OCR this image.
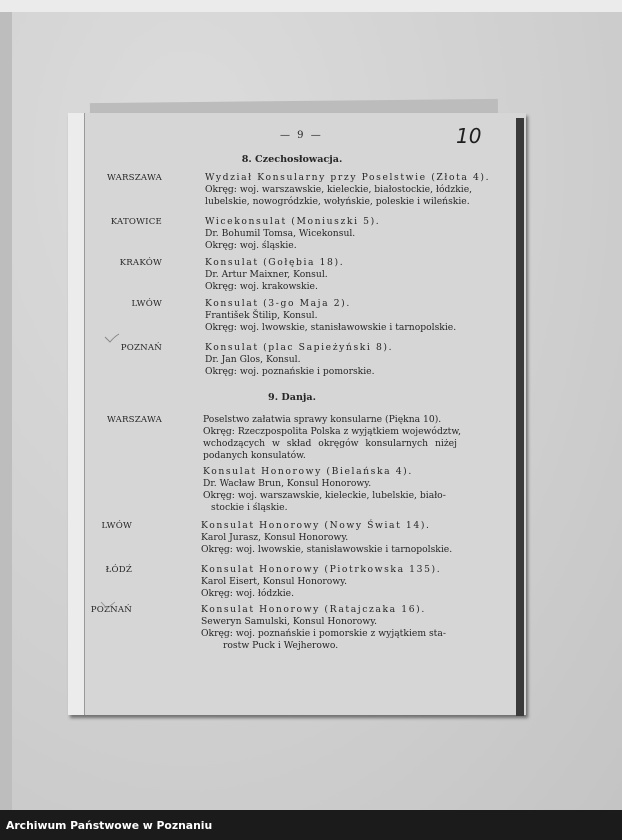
— 9 —	10
8. Czechosłowacja.
WARSZAWA	Wydział Konsularny przy Poselstwie (Złota 4).
Okręg: woj. warszawskie, kieleckie, białostockie, łódzkie,
lubelskie, nowogródzkie, wołyńskie, poleskie i wileńskie.
KATOWICE	Wicekonsulat (Moniuszki 5).
Dr. Bohumil Tomsa, Wicekonsul.
Okręg: woj. śląskie.
KRAKÓW	Konsulat (Gołębia 18).
Dr. Artur Maixner, Konsul.
Okręg: woj. krakowskie.
LWÓW	Konsulat (3-go Maja 2).
František Štilip, Konsul.
Okręg: woj. lwowskie, stanisławowskie i tarnopolskie.
POZNAŃ	Konsulat (plac Sapieżyński 8).
Dr. Jan Glos, Konsul.
Okręg: woj. poznańskie i pomorskie.
9. Danja.
WARSZAWA	Poselstwo załatwia sprawy konsularne (Piękna 10).
Okręg: Rzeczpospolita Polska z wyjątkiem województw,
wchodzących w skład okręgów konsularnych niżej
podanych konsulatów.
Konsulat Honorowy (Bielańska 4).
Dr. Wacław Brun, Konsul Honorowy.
Okręg: woj. warszawskie, kieleckie, lubelskie, biało-
stockie i śląskie.
LWÓW	Konsulat Honorowy (Nowy Świat 14).
Karol Jurasz, Konsul Honorowy.
Okręg: woj. lwowskie, stanisławowskie i tarnopolskie.
ŁÓDŹ	Konsulat Honorowy (Piotrkowska 135).
Karol Eisert, Konsul Honorowy.
Okręg: woj. łódzkie.
POZNAŃ	Konsulat Honorowy (Ratajczaka 16).
Seweryn Samulski, Konsul Honorowy.
Okręg: woj. poznańskie i pomorskie z wyjątkiem sta-
rostw Puck i Wejherowo.
Archiwum Państwowe w Poznaniu
